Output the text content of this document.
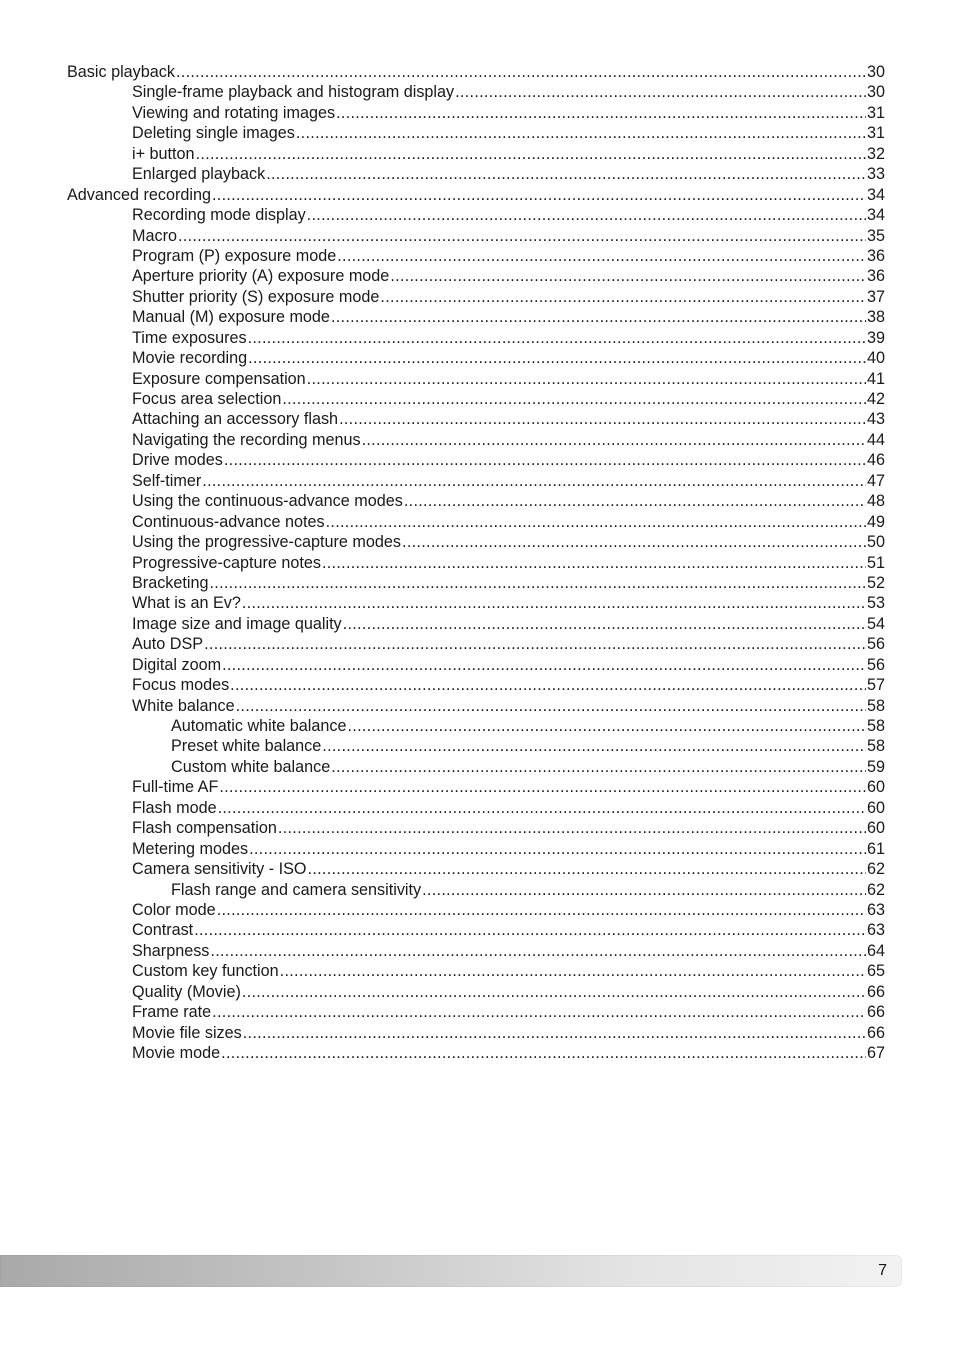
Basic playback .....	30
Single-frame playback and histogram display .....	30
Viewing and rotating images .....	31
Deleting single images .....	31
i+ button .....	32
Enlarged playback .....	33
Advanced recording .....	34
Recording mode display .....	34
Macro .....	35
Program (P) exposure mode .....	36
Aperture priority (A) exposure mode .....	36
Shutter priority (S) exposure mode .....	37
Manual (M) exposure mode .....	38
Time exposures .....	39
Movie recording .....	40
Exposure compensation .....	41
Focus area selection .....	42
Attaching an accessory flash .....	43
Navigating the recording menus .....	44
Drive modes .....	46
Self-timer .....	47
Using the continuous-advance modes .....	48
Continuous-advance notes .....	49
Using the progressive-capture modes .....	50
Progressive-capture notes .....	51
Bracketing .....	52
What is an Ev? .....	53
Image size and image quality .....	54
Auto DSP .....	56
Digital zoom .....	56
Focus modes .....	57
White balance .....	58
Automatic white balance .....	58
Preset white balance .....	58
Custom white balance .....	59
Full-time AF .....	60
Flash mode .....	60
Flash compensation .....	60
Metering modes .....	61
Camera sensitivity - ISO .....	62
Flash range and camera sensitivity .....	62
Color mode .....	63
Contrast .....	63
Sharpness .....	64
Custom key function .....	65
Quality (Movie) .....	66
Frame rate .....	66
Movie file sizes .....	66
Movie mode .....	67
7
